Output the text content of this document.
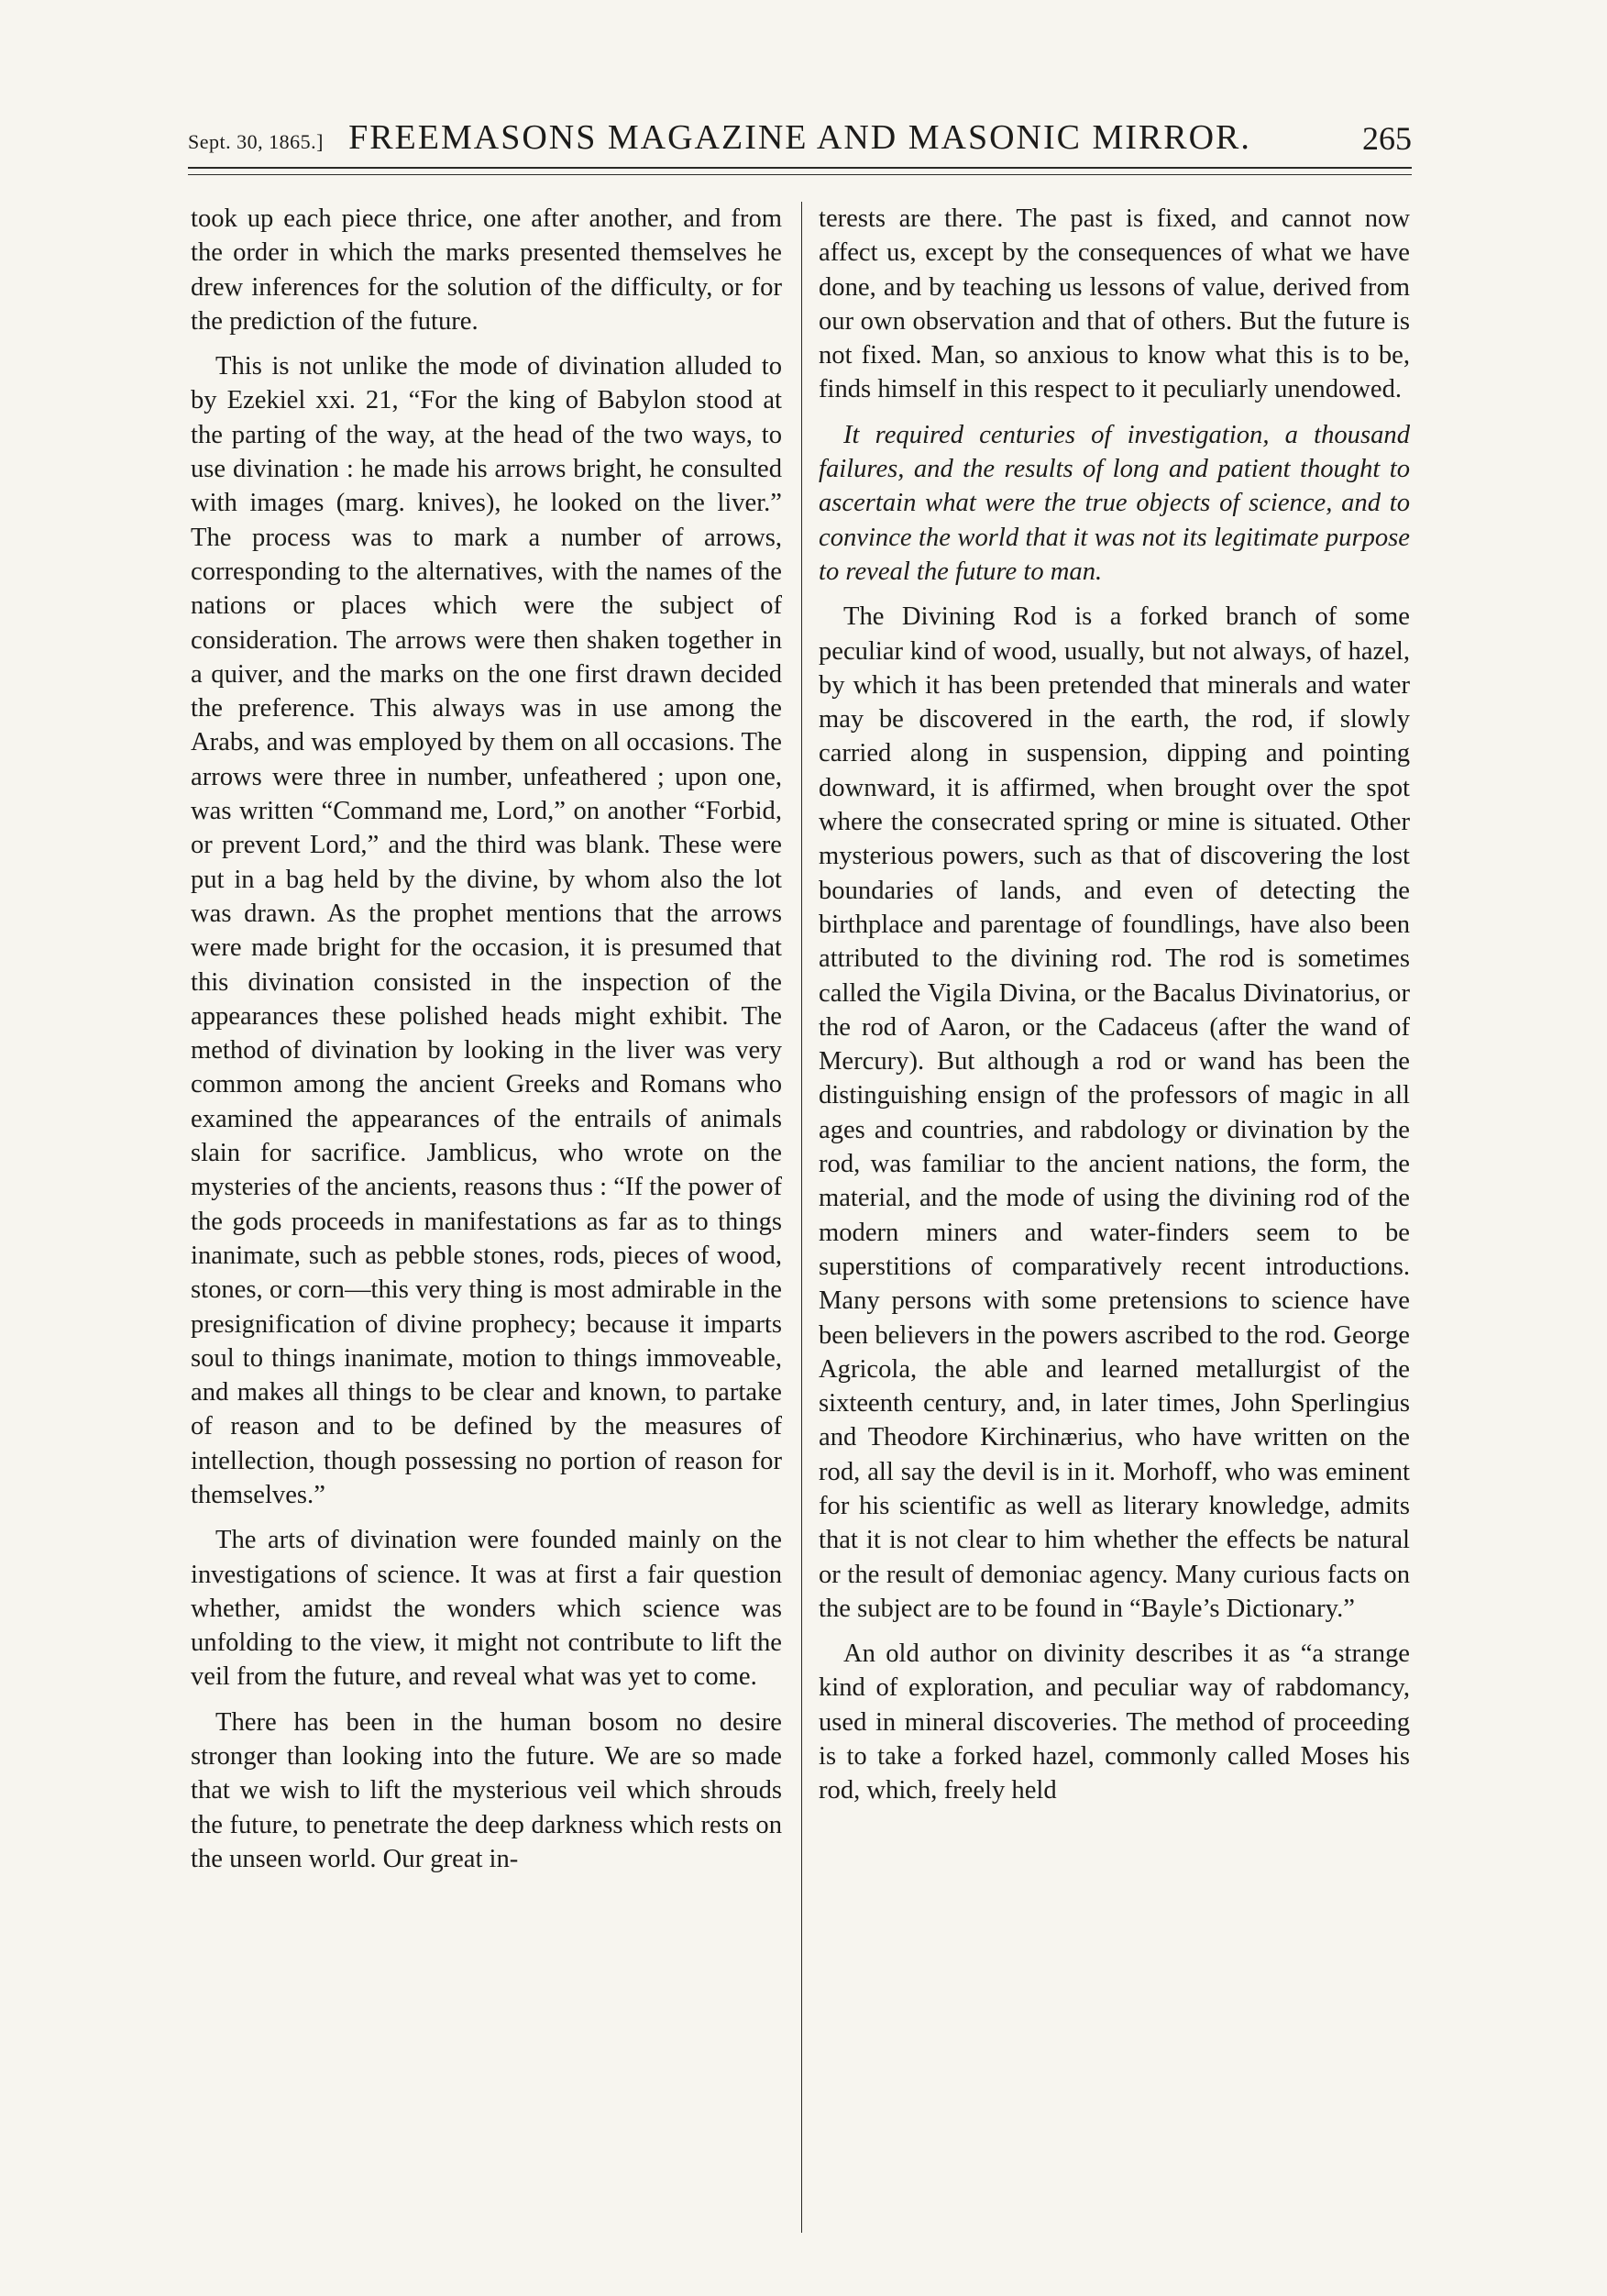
Sept. 30, 1865.] FREEMASONS MAGAZINE AND MASONIC MIRROR.	265

took up each piece thrice, one after another, and from the order in which the marks presented themselves he drew inferences for the solution of the difficulty, or for the prediction of the future.

This is not unlike the mode of divination alluded to by Ezekiel xxi. 21, “For the king of Babylon stood at the parting of the way, at the head of the two ways, to use divination : he made his arrows bright, he consulted with images (marg. knives), he looked on the liver.” The process was to mark a number of arrows, corresponding to the alternatives, with the names of the nations or places which were the subject of consideration. The arrows were then shaken together in a quiver, and the marks on the one first drawn decided the preference. This always was in use among the Arabs, and was employed by them on all occasions. The arrows were three in number, unfeathered ; upon one, was written “Command me, Lord,” on another “Forbid, or prevent Lord,” and the third was blank. These were put in a bag held by the divine, by whom also the lot was drawn. As the prophet mentions that the arrows were made bright for the occasion, it is presumed that this divination consisted in the inspection of the appearances these polished heads might exhibit. The method of divination by looking in the liver was very common among the ancient Greeks and Romans who examined the appearances of the entrails of animals slain for sacrifice. Jamblicus, who wrote on the mysteries of the ancients, reasons thus : “If the power of the gods proceeds in manifestations as far as to things inanimate, such as pebble stones, rods, pieces of wood, stones, or corn—this very thing is most admirable in the presignification of divine prophecy; because it imparts soul to things inanimate, motion to things immoveable, and makes all things to be clear and known, to partake of reason and to be defined by the measures of intellection, though possessing no portion of reason for themselves.”

The arts of divination were founded mainly on the investigations of science. It was at first a fair question whether, amidst the wonders which science was unfolding to the view, it might not contribute to lift the veil from the future, and reveal what was yet to come.

There has been in the human bosom no desire stronger than looking into the future. We are so made that we wish to lift the mysterious veil which shrouds the future, to penetrate the deep darkness which rests on the unseen world. Our great in-

terests are there. The past is fixed, and cannot now affect us, except by the consequences of what we have done, and by teaching us lessons of value, derived from our own observation and that of others. But the future is not fixed. Man, so anxious to know what this is to be, finds himself in this respect to it peculiarly unendowed.

It required centuries of investigation, a thousand failures, and the results of long and patient thought to ascertain what were the true objects of science, and to convince the world that it was not its legitimate purpose to reveal the future to man.

The Divining Rod is a forked branch of some peculiar kind of wood, usually, but not always, of hazel, by which it has been pretended that minerals and water may be discovered in the earth, the rod, if slowly carried along in suspension, dipping and pointing downward, it is affirmed, when brought over the spot where the consecrated spring or mine is situated. Other mysterious powers, such as that of discovering the lost boundaries of lands, and even of detecting the birthplace and parentage of foundlings, have also been attributed to the divining rod. The rod is sometimes called the Vigila Divina, or the Bacalus Divinatorius, or the rod of Aaron, or the Cadaceus (after the wand of Mercury). But although a rod or wand has been the distinguishing ensign of the professors of magic in all ages and countries, and rabdology or divination by the rod, was familiar to the ancient nations, the form, the material, and the mode of using the divining rod of the modern miners and water-finders seem to be superstitions of comparatively recent introductions. Many persons with some pretensions to science have been believers in the powers ascribed to the rod. George Agricola, the able and learned metallurgist of the sixteenth century, and, in later times, John Sperlingius and Theodore Kirchinærius, who have written on the rod, all say the devil is in it. Morhoff, who was eminent for his scientific as well as literary knowledge, admits that it is not clear to him whether the effects be natural or the result of demoniac agency. Many curious facts on the subject are to be found in “Bayle’s Dictionary.”

An old author on divinity describes it as “a strange kind of exploration, and peculiar way of rabdomancy, used in mineral discoveries. The method of proceeding is to take a forked hazel, commonly called Moses his rod, which, freely held
